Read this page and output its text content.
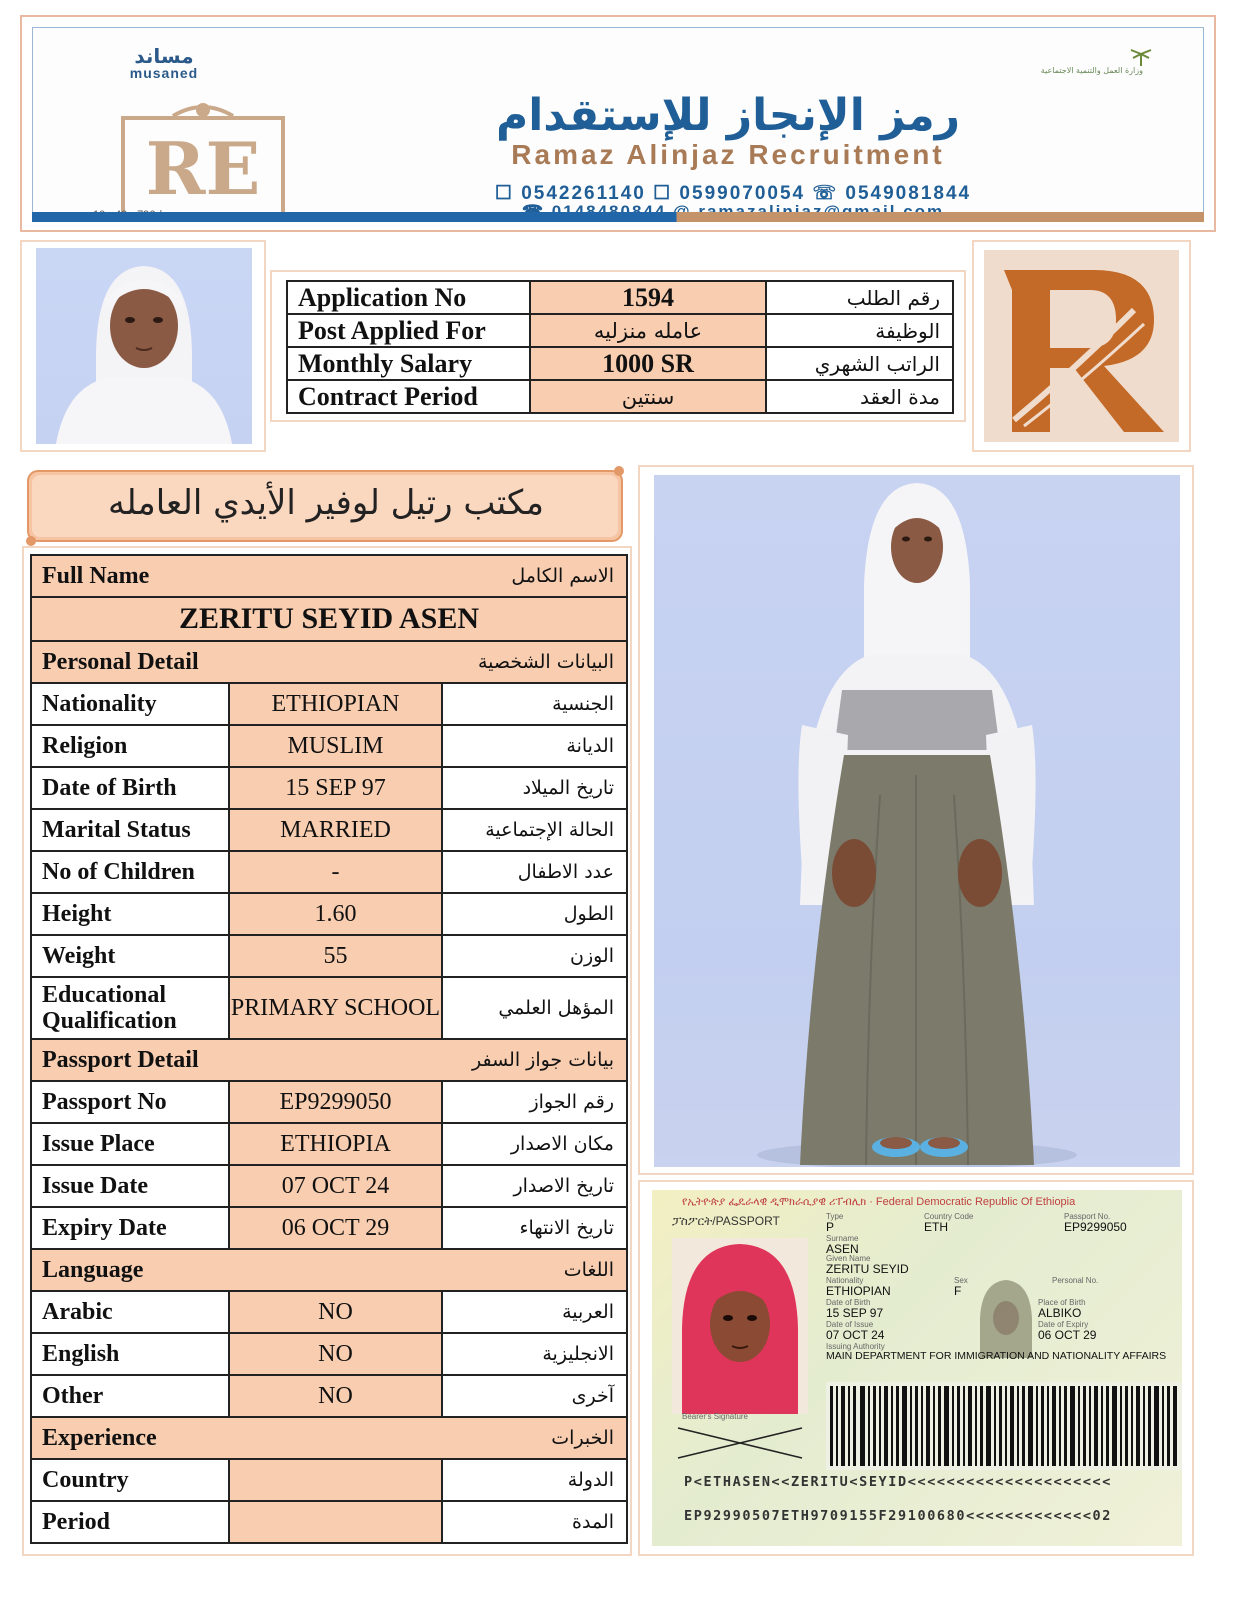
مساند
musaned
RE
وزارة العمل والتنمية الاجتماعية
رمز الإنجاز للإستقدام
Ramaz Alinjaz Recruitment
☐ 0542261140 ☐ 0599070054 ☏ 0549081844
Application No	1594	رقم الطلب
Post Applied For	عامله منزليه	الوظيفة
Monthly Salary	1000 SR	الراتب الشهري
Contract Period	سنتين	مدة العقد
مكتب رتيل لوفير الأيدي العامله
Full Name الاسم الكامل		

ZERITU SEYID ASEN		

Personal Detail البيانات الشخصية		

Nationality	ETHIOPIAN	الجنسية
Religion	MUSLIM	الديانة
Date of Birth	15 SEP 97	تاريخ الميلاد
Marital Status	MARRIED	الحالة الإجتماعية
No of Children	-	عدد الاطفال
Height	1.60	الطول
Weight	55	الوزن
Educational Qualification	PRIMARY SCHOOL	المؤهل العلمي

Passport Detail بيانات جواز السفر		

Passport No	EP9299050	رقم الجواز
Issue Place	ETHIOPIA	مكان الاصدار
Issue Date	07 OCT 24	تاريخ الاصدار
Expiry Date	06 OCT 29	تاريخ الانتهاء

Language اللغات		

Arabic	NO	العربية
English	NO	الانجليزية
Other	NO	آخرى

Experience الخبرات		

Country		الدولة
Period		المدة
የኢትዮጵያ ፌዴራላዊ ዲሞክራሲያዊ ሪፐብሊክ · Federal Democratic Republic Of Ethiopia
ፓስፖርት/PASSPORT
Bearer's Signature
Type
P
Country Code
ETH
Passport No.
EP9299050
Surname
ASEN
Given Name
ZERITU SEYID
Nationality
ETHIOPIAN
Sex
F
Personal No.
Date of Birth
15 SEP 97
Place of Birth
ALBIKO
Date of Issue
07 OCT 24
Date of Expiry
06 OCT 29
Issuing Authority
MAIN DEPARTMENT FOR IMMIGRATION AND NATIONALITY AFFAIRS
P<ETHASEN<<ZERITU<SEYID<<<<<<<<<<<<<<<<<<<<<
EP92990507ETH9709155F29100680<<<<<<<<<<<<<02
